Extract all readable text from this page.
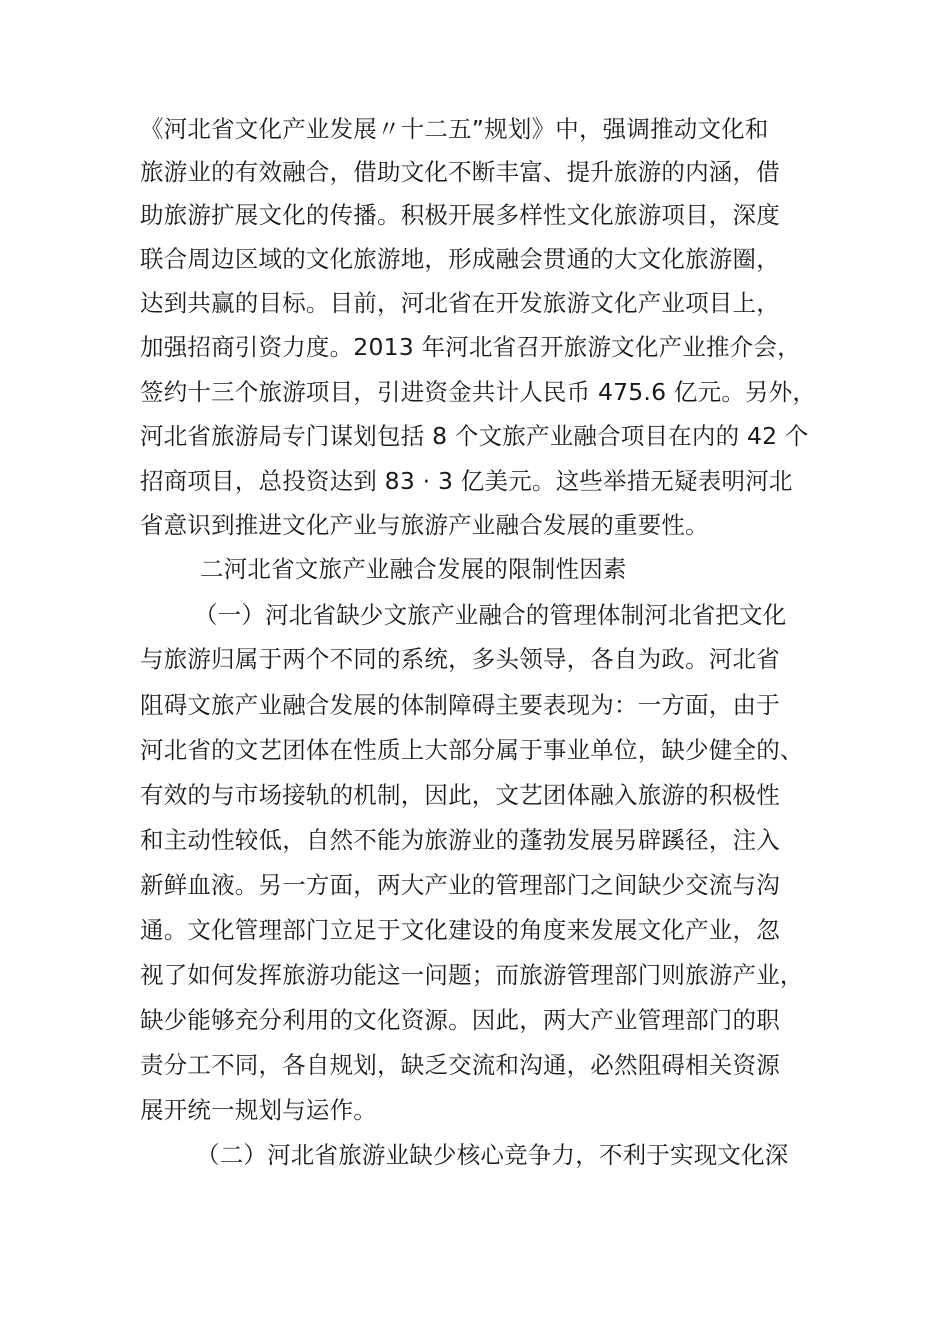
《河北省文化产业发展〃十二五”规划》中，强调推动文化和
旅游业的有效融合，借助文化不断丰富、提升旅游的内涵，借
助旅游扩展文化的传播。积极开展多样性文化旅游项目，深度
联合周边区域的文化旅游地，形成融会贯通的大文化旅游圈，
达到共赢的目标。目前，河北省在开发旅游文化产业项目上，
加强招商引资力度。2013 年河北省召开旅游文化产业推介会，
签约十三个旅游项目，引进资金共计人民币 475.6 亿元。另外，
河北省旅游局专门谋划包括 8 个文旅产业融合项目在内的 42 个
招商项目，总投资达到 83 · 3 亿美元。这些举措无疑表明河北
省意识到推进文化产业与旅游产业融合发展的重要性。
二河北省文旅产业融合发展的限制性因素
（一）河北省缺少文旅产业融合的管理体制河北省把文化
与旅游归属于两个不同的系统，多头领导，各自为政。河北省
阻碍文旅产业融合发展的体制障碍主要表现为：一方面，由于
河北省的文艺团体在性质上大部分属于事业单位，缺少健全的、
有效的与市场接轨的机制，因此，文艺团体融入旅游的积极性
和主动性较低，自然不能为旅游业的蓬勃发展另辟蹊径，注入
新鲜血液。另一方面，两大产业的管理部门之间缺少交流与沟
通。文化管理部门立足于文化建设的角度来发展文化产业，忽
视了如何发挥旅游功能这一问题；而旅游管理部门则旅游产业，
缺少能够充分利用的文化资源。因此，两大产业管理部门的职
责分工不同，各自规划，缺乏交流和沟通，必然阻碍相关资源
展开统一规划与运作。
（二）河北省旅游业缺少核心竞争力，不利于实现文化深
